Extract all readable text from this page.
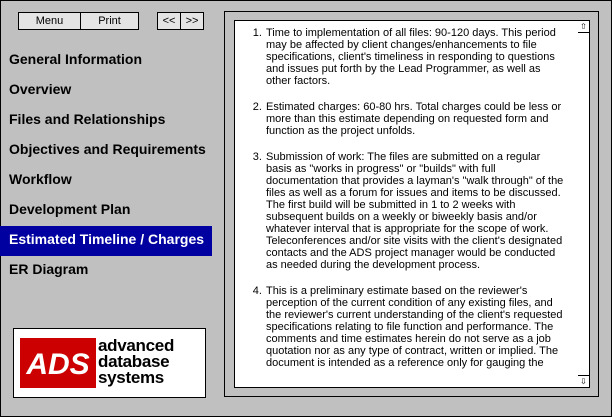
Menu	Print	<< >>
General Information
Overview
Files and Relationships
Objectives and Requirements
Workflow
Development Plan
Estimated Timeline / Charges
ER Diagram
ADS
advanced
database
systems
1. Time to implementation of all files: 90-120 days. This period may be affected by client changes/enhancements to file specifications, client's timeliness in responding to questions and issues put forth by the Lead Programmer, as well as other factors.
2. Estimated charges: 60-80 hrs. Total charges could be less or more than this estimate depending on requested form and function as the project unfolds.
3. Submission of work: The files are submitted on a regular basis as "works in progress" or "builds" with full documentation that provides a layman's "walk through" of the files as well as a forum for issues and items to be discussed. The first build will be submitted in 1 to 2 weeks with subsequent builds on a weekly or biweekly basis and/or whatever interval that is appropriate for the scope of work. Teleconferences and/or site visits with the client's designated contacts and the ADS project manager would be conducted as needed during the development process.
4. This is a preliminary estimate based on the reviewer's perception of the current condition of any existing files, and the reviewer's current understanding of the client's requested specifications relating to file function and performance. The comments and time estimates herein do not serve as a job quotation nor as any type of contract, written or implied. The document is intended as a reference only for gauging the
⇧
⇩
